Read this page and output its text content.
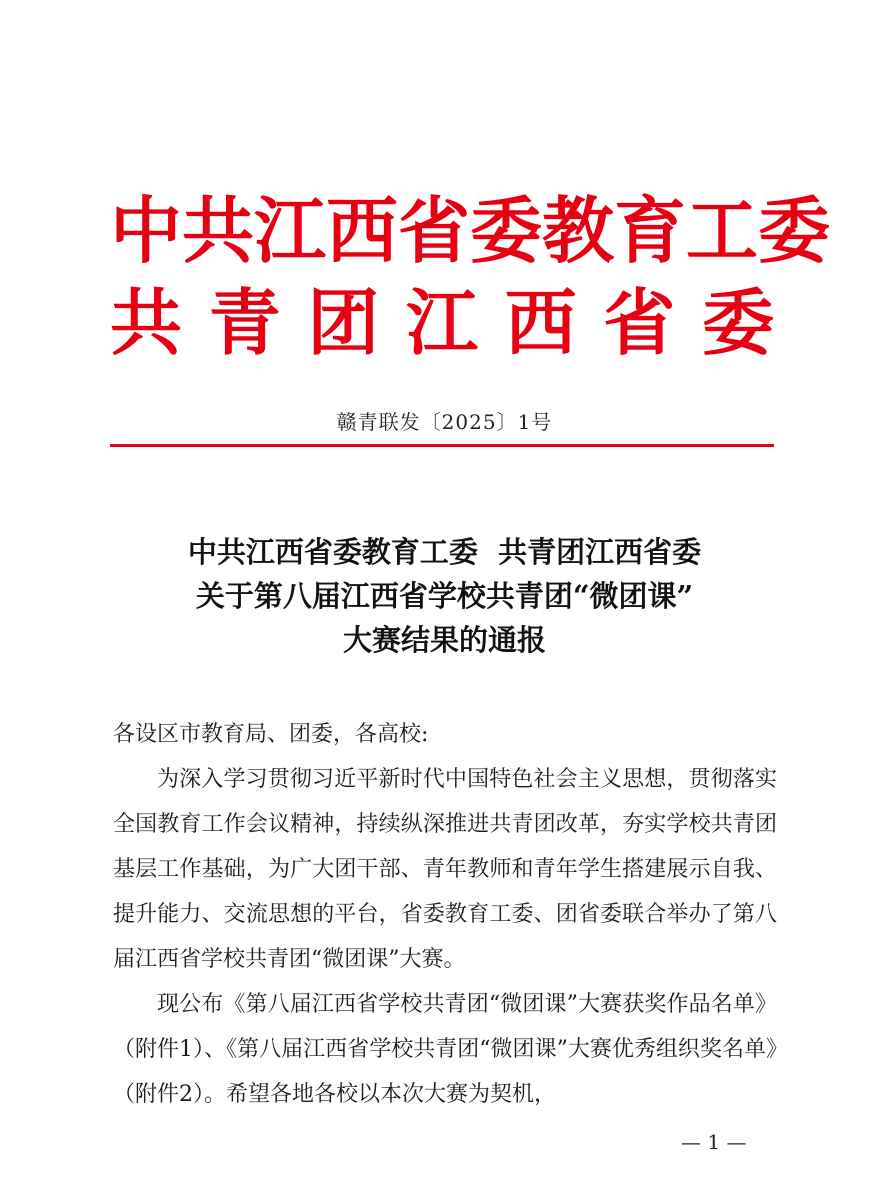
中共江西省委教育工委
共 青 团 江 西 省 委
赣青联发〔2025〕1号
中共江西省委教育工委  共青团江西省委
关于第八届江西省学校共青团“微团课”
大赛结果的通报
各设区市教育局、团委，各高校:

为深入学习贯彻习近平新时代中国特色社会主义思想，贯彻落实全国教育工作会议精神，持续纵深推进共青团改革，夯实学校共青团基层工作基础，为广大团干部、青年教师和青年学生搭建展示自我、提升能力、交流思想的平台，省委教育工委、团省委联合举办了第八届江西省学校共青团“微团课”大赛。

现公布《第八届江西省学校共青团“微团课”大赛获奖作品名单》（附件1）、《第八届江西省学校共青团“微团课”大赛优秀组织奖名单》（附件2）。希望各地各校以本次大赛为契机，

— 1 —
